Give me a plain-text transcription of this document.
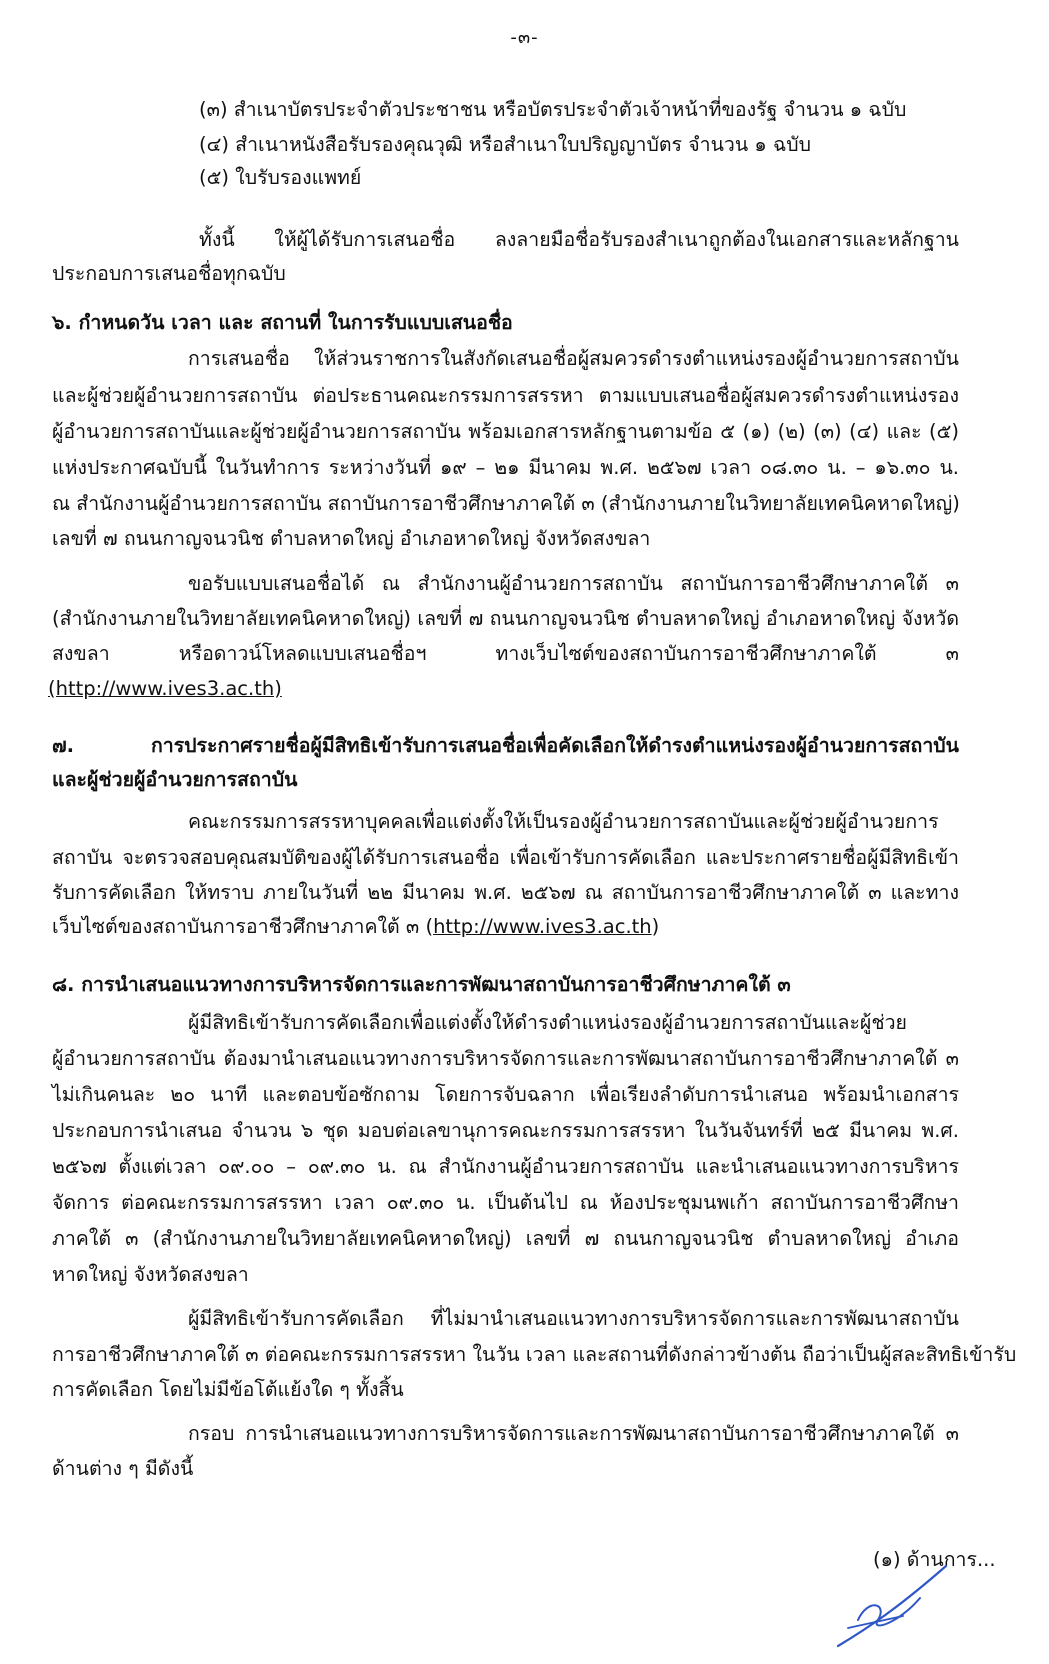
-๓-
(๓) สำเนาบัตรประจำตัวประชาชน หรือบัตรประจำตัวเจ้าหน้าที่ของรัฐ จำนวน ๑ ฉบับ
(๔) สำเนาหนังสือรับรองคุณวุฒิ หรือสำเนาใบปริญญาบัตร จำนวน ๑ ฉบับ
(๕) ใบรับรองแพทย์
ทั้งนี้ ให้ผู้ได้รับการเสนอชื่อ ลงลายมือชื่อรับรองสำเนาถูกต้องในเอกสารและหลักฐาน
ประกอบการเสนอชื่อทุกฉบับ
๖. กำหนดวัน เวลา และ สถานที่ ในการรับแบบเสนอชื่อ
การเสนอชื่อ ให้ส่วนราชการในสังกัดเสนอชื่อผู้สมควรดำรงตำแหน่งรองผู้อำนวยการสถาบัน
และผู้ช่วยผู้อำนวยการสถาบัน ต่อประธานคณะกรรมการสรรหา ตามแบบเสนอชื่อผู้สมควรดำรงตำแหน่งรอง
ผู้อำนวยการสถาบันและผู้ช่วยผู้อำนวยการสถาบัน พร้อมเอกสารหลักฐานตามข้อ ๕ (๑) (๒) (๓) (๔) และ (๕)
แห่งประกาศฉบับนี้ ในวันทำการ ระหว่างวันที่ ๑๙ – ๒๑ มีนาคม พ.ศ. ๒๕๖๗ เวลา ๐๘.๓๐ น. – ๑๖.๓๐ น.
ณ สำนักงานผู้อำนวยการสถาบัน สถาบันการอาชีวศึกษาภาคใต้ ๓ (สำนักงานภายในวิทยาลัยเทคนิคหาดใหญ่)
เลขที่ ๗ ถนนกาญจนวนิช ตำบลหาดใหญ่ อำเภอหาดใหญ่ จังหวัดสงขลา
ขอรับแบบเสนอชื่อได้ ณ สำนักงานผู้อำนวยการสถาบัน สถาบันการอาชีวศึกษาภาคใต้ ๓
(สำนักงานภายในวิทยาลัยเทคนิคหาดใหญ่) เลขที่ ๗ ถนนกาญจนวนิช ตำบลหาดใหญ่ อำเภอหาดใหญ่ จังหวัด
สงขลา หรือดาวน์โหลดแบบเสนอชื่อฯ ทางเว็บไซต์ของสถาบันการอาชีวศึกษาภาคใต้ ๓
(http://www.ives3.ac.th)
๗. การประกาศรายชื่อผู้มีสิทธิเข้ารับการเสนอชื่อเพื่อคัดเลือกให้ดำรงตำแหน่งรองผู้อำนวยการสถาบัน
และผู้ช่วยผู้อำนวยการสถาบัน
คณะกรรมการสรรหาบุคคลเพื่อแต่งตั้งให้เป็นรองผู้อำนวยการสถาบันและผู้ช่วยผู้อำนวยการ
สถาบัน จะตรวจสอบคุณสมบัติของผู้ได้รับการเสนอชื่อ เพื่อเข้ารับการคัดเลือก และประกาศรายชื่อผู้มีสิทธิเข้า
รับการคัดเลือก ให้ทราบ ภายในวันที่ ๒๒ มีนาคม พ.ศ. ๒๕๖๗ ณ สถาบันการอาชีวศึกษาภาคใต้ ๓ และทาง
เว็บไซต์ของสถาบันการอาชีวศึกษาภาคใต้ ๓ (http://www.ives3.ac.th)
๘. การนำเสนอแนวทางการบริหารจัดการและการพัฒนาสถาบันการอาชีวศึกษาภาคใต้ ๓
ผู้มีสิทธิเข้ารับการคัดเลือกเพื่อแต่งตั้งให้ดำรงตำแหน่งรองผู้อำนวยการสถาบันและผู้ช่วย
ผู้อำนวยการสถาบัน ต้องมานำเสนอแนวทางการบริหารจัดการและการพัฒนาสถาบันการอาชีวศึกษาภาคใต้ ๓
ไม่เกินคนละ ๒๐ นาที และตอบข้อซักถาม โดยการจับฉลาก เพื่อเรียงลำดับการนำเสนอ พร้อมนำเอกสาร
ประกอบการนำเสนอ จำนวน ๖ ชุด มอบต่อเลขานุการคณะกรรมการสรรหา ในวันจันทร์ที่ ๒๕ มีนาคม พ.ศ.
๒๕๖๗ ตั้งแต่เวลา ๐๙.๐๐ – ๐๙.๓๐ น. ณ สำนักงานผู้อำนวยการสถาบัน และนำเสนอแนวทางการบริหาร
จัดการ ต่อคณะกรรมการสรรหา เวลา ๐๙.๓๐ น. เป็นต้นไป ณ ห้องประชุมนพเก้า สถาบันการอาชีวศึกษา
ภาคใต้ ๓ (สำนักงานภายในวิทยาลัยเทคนิคหาดใหญ่) เลขที่ ๗ ถนนกาญจนวนิช ตำบลหาดใหญ่ อำเภอ
หาดใหญ่ จังหวัดสงขลา
ผู้มีสิทธิเข้ารับการคัดเลือก ที่ไม่มานำเสนอแนวทางการบริหารจัดการและการพัฒนาสถาบัน
การอาชีวศึกษาภาคใต้ ๓ ต่อคณะกรรมการสรรหา ในวัน เวลา และสถานที่ดังกล่าวข้างต้น ถือว่าเป็นผู้สละสิทธิเข้ารับ
การคัดเลือก โดยไม่มีข้อโต้แย้งใด ๆ ทั้งสิ้น
กรอบ การนำเสนอแนวทางการบริหารจัดการและการพัฒนาสถาบันการอาชีวศึกษาภาคใต้ ๓
ด้านต่าง ๆ มีดังนี้
(๑) ด้านการ...
